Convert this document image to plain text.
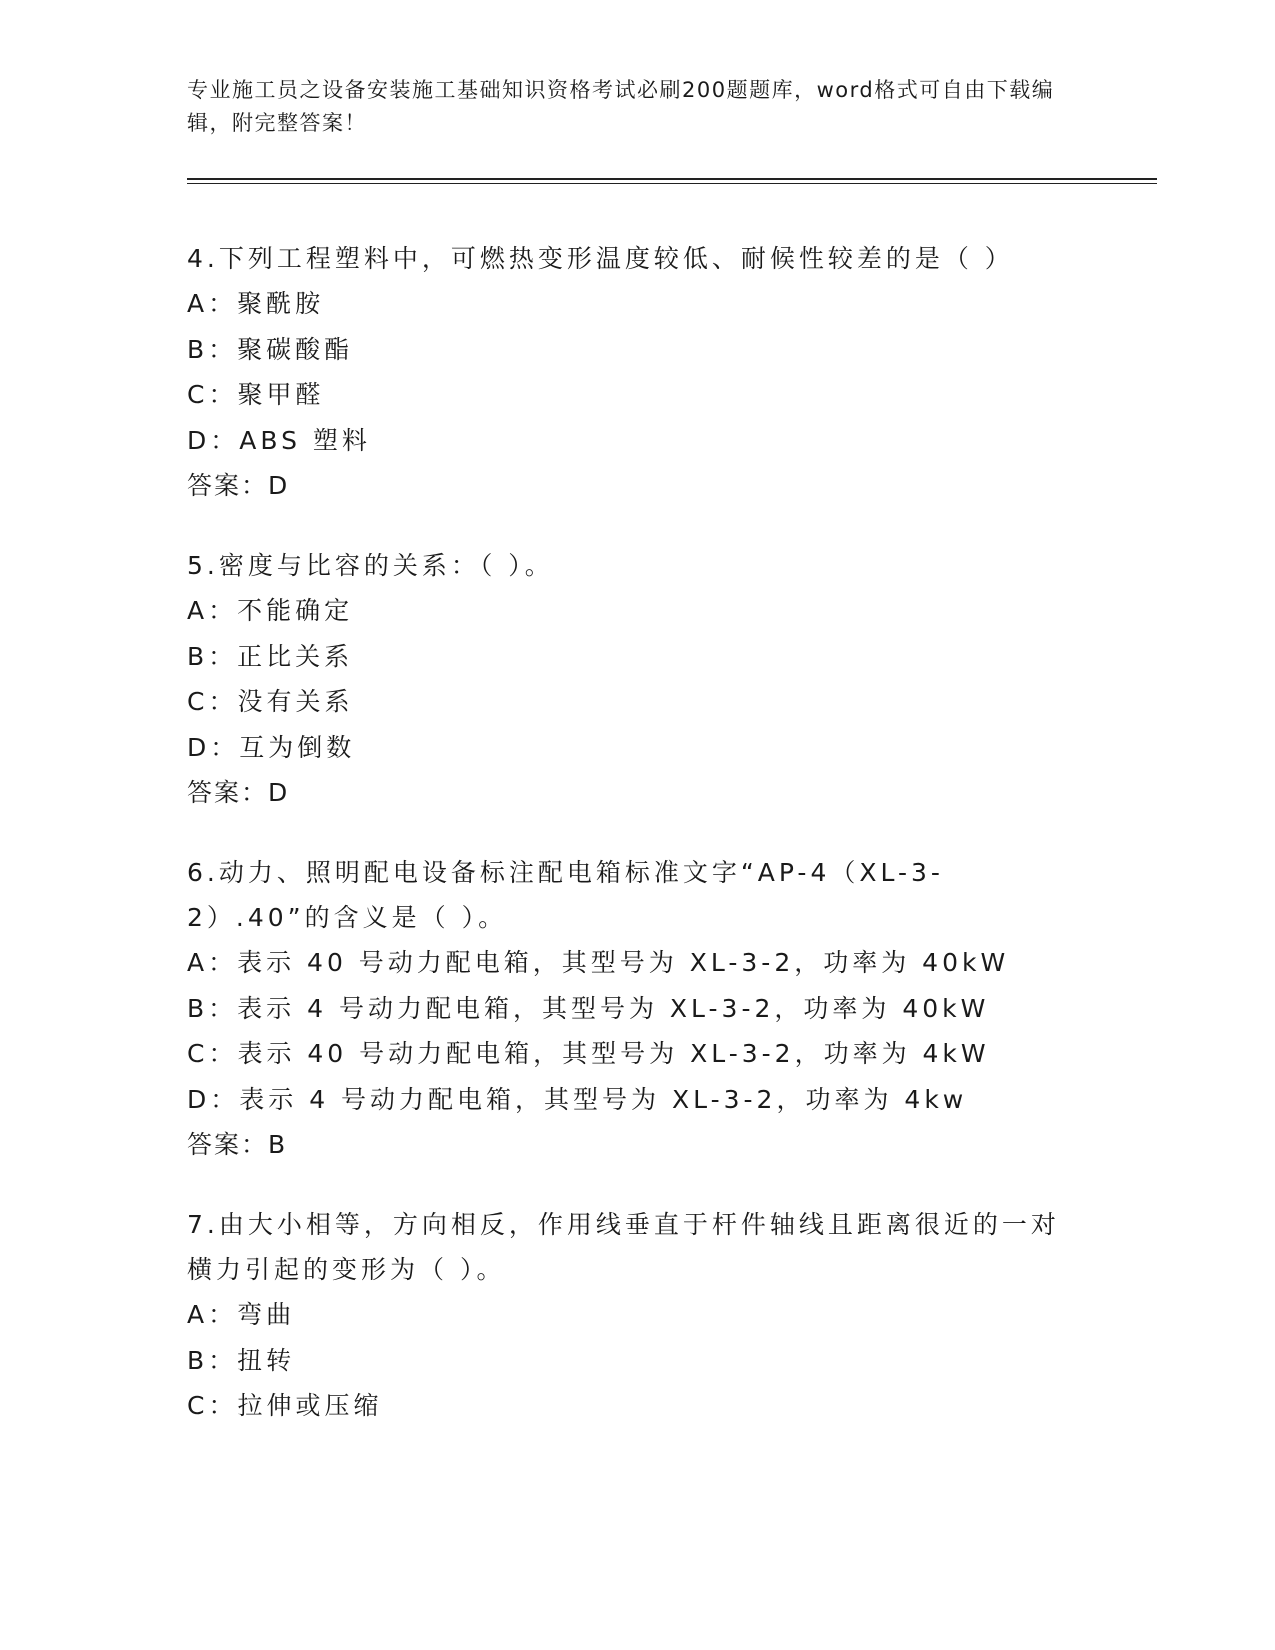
专业施工员之设备安装施工基础知识资格考试必刷200题题库，word格式可自由下载编辑，附完整答案！

4.下列工程塑料中，可燃热变形温度较低、耐候性较差的是（ ）

A：聚酰胺

B：聚碳酸酯

C：聚甲醛

D：ABS 塑料

答案：D

5.密度与比容的关系：（ ）。

A：不能确定

B：正比关系

C：没有关系

D：互为倒数

答案：D

6.动力、照明配电设备标注配电箱标准文字“AP-4（XL-3-2）.40”的含义是（ ）。

A：表示 40 号动力配电箱，其型号为 XL-3-2，功率为 40kW

B：表示 4 号动力配电箱，其型号为 XL-3-2，功率为 40kW

C：表示 40 号动力配电箱，其型号为 XL-3-2，功率为 4kW

D：表示 4 号动力配电箱，其型号为 XL-3-2，功率为 4kw

答案：B

7.由大小相等，方向相反，作用线垂直于杆件轴线且距离很近的一对横力引起的变形为（ ）。

A：弯曲

B：扭转

C：拉伸或压缩
